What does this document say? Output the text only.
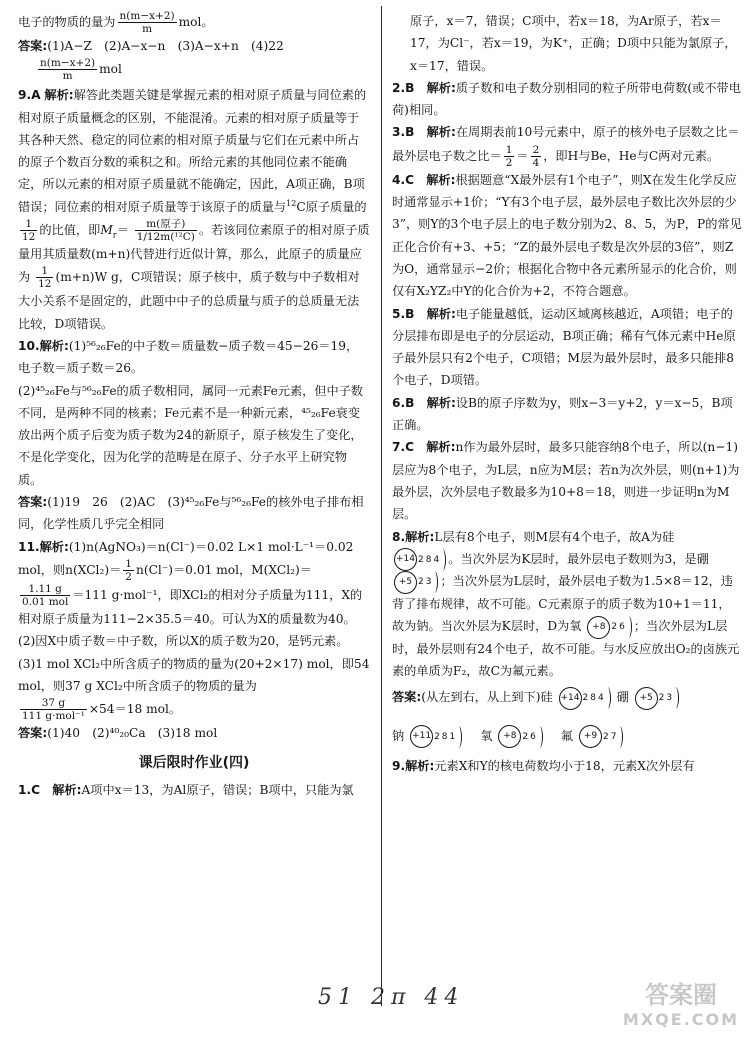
电子的物质的量为 $\frac{n(m-x+2)}{m}$ mol。

答案:(1)A−Z　(2)A−x−n　(3)A−x+n　(4)22

$\frac{n(m-x+2)}{m}$ mol

9.A 解析:解答此类题关键是掌握元素的相对原子质量与同位素的相对原子质量概念的区别，不能混淆。元素的相对原子质量等于其各种天然、稳定的同位素的相对原子质量与它们在元素中所占的原子个数百分数的乘积之和。所给元素的其他同位素不能确定，所以元素的相对原子质量就不能确定，因此，A项正确，B项错误；同位素的相对原子质量等于该原子的质量与$^{12}$C原子质量的
$\frac{1}{12}$ 的比值，即$M_r= \frac{\text{m(原子)}}{\text{1/12m(¹²C)}}$ 。若该同位素原子的相对原子质量用其质量数(m+n)代替进行近似计算，那么，此原子的质量应为 $\frac{1}{12} (m+n)W$ g，C项错误；原子核中，质子数与中子数相对大小关系不是固定的，此题中中子的总质量与质子的总质量无法比较，D项错误。

10.解析:(1)⁵⁶₂₆Fe的中子数＝质量数−质子数＝45−26＝19，电子数＝质子数＝26。

(2)⁴⁵₂₆Fe与⁵⁶₂₆Fe的质子数相同，属同一元素Fe元素，但中子数不同，是两种不同的核素；Fe元素不是一种新元素，⁴⁵₂₆Fe衰变放出两个质子后变为质子数为24的新原子，原子核发生了变化，不是化学变化，因为化学的范畴是在原子、分子水平上研究物质。

答案:(1)19　26　(2)AC　(3)⁴⁵₂₆Fe与⁵⁶₂₆Fe的核外电子排布相同，化学性质几乎完全相同

11.解析:(1)n(AgNO₃)＝n(Cl⁻)＝0.02 L×1 mol·L⁻¹＝0.02 mol，则$n(XCl_2)= \frac{1}{2} n(Cl^-)=0.01$ mol，M(XCl₂)＝

$\frac{1.11 g}{\text{0.01 mol}} =111$ g·mol⁻¹，即XCl₂的相对分子质量为111，X的相对原子质量为111−2×35.5＝40。可认为X的质量数为40。

(2)因X中质子数＝中子数，所以X的质子数为20，是钙元素。

(3)1 mol XCl₂中所含质子的物质的量为(20+2×17) mol，即54 mol，则37 g XCl₂中所含质子的物质的量为

$\frac{37 g}{\text{111 g·mol⁻¹}} \times 54=18$ mol。

答案:(1)40　(2)⁴⁰₂₀Ca　(3)18 mol

课后限时作业(四)

1.C　 解析:A项中x＝13，为Al原子，错误；B项中，只能为氯

原子，x＝7，错误；C项中，若x＝18，为Ar原子，若x＝17，为Cl⁻，若x＝19，为K⁺，正确；D项中只能为氯原子，x＝17，错误。

2.B　 解析:质子数和电子数分别相同的粒子所带电荷数(或不带电荷)相同。

3.B　 解析:在周期表前10号元素中，原子的核外电子层数之比＝最外层电子数之比＝ $\frac{1}{2} = \frac{2}{4}$ ，即H与Be，He与C两对元素。

4.C　 解析:根据题意“X最外层有1个电子”，则X在发生化学反应时通常显示+1价；“Y有3个电子层，最外层电子数比次外层的少3”，则Y的3个电子层上的电子数分别为2、8、5，为P，P的常见正化合价有+3、+5；“Z的最外层电子数是次外层的3倍”，则Z为O，通常显示−2价；根据化合物中各元素所显示的化合价，则仅有X₂YZ₂中Y的化合价为+2，不符合题意。

5.B　 解析:电子能量越低，运动区域离核越近，A项错；电子的分层排布即是电子的分层运动，B项正确；稀有气体元素中He原子最外层只有2个电子，C项错；M层为最外层时，最多只能排8个电子，D项错。

6.B　 解析:设B的原子序数为y，则x−3＝y+2，y＝x−5，B项正确。

7.C　 解析:n作为最外层时，最多只能容纳8个电子，所以(n−1)层应为8个电子，为L层，n应为M层；若n为次外层，则(n+1)为最外层，次外层电子数最多为10+8＝18，则进一步证明n为M层。

8.解析:L层有8个电子，则M层有4个电子，故A为硅
+14 2 8 4 。当次外层为K层时，最外层电子数则为3，是硼
+5 2 3 ；当次外层为L层时，最外层电子数为1.5×8＝12，违背了排布规律，故不可能。C元素原子的质子数为10+1＝11，故为钠。当次外层为K层时，D为氧 +8 2 6 ；当次外层为L层时，最外层则有24个电子，故不可能。与水反应放出O₂的卤族元素的单质为F₂，故C为氟元素。

答案:(从左到右，从上到下)硅 +14 2 8 4 硼 +5 2 3

钠 +11 2 8 1 　 氧 +8 2 6 　 氟 +9 2 7

9.解析:元素X和Y的核电荷数均小于18，元素X次外层有

51 2π 44	答案圈
MXQE.COM
